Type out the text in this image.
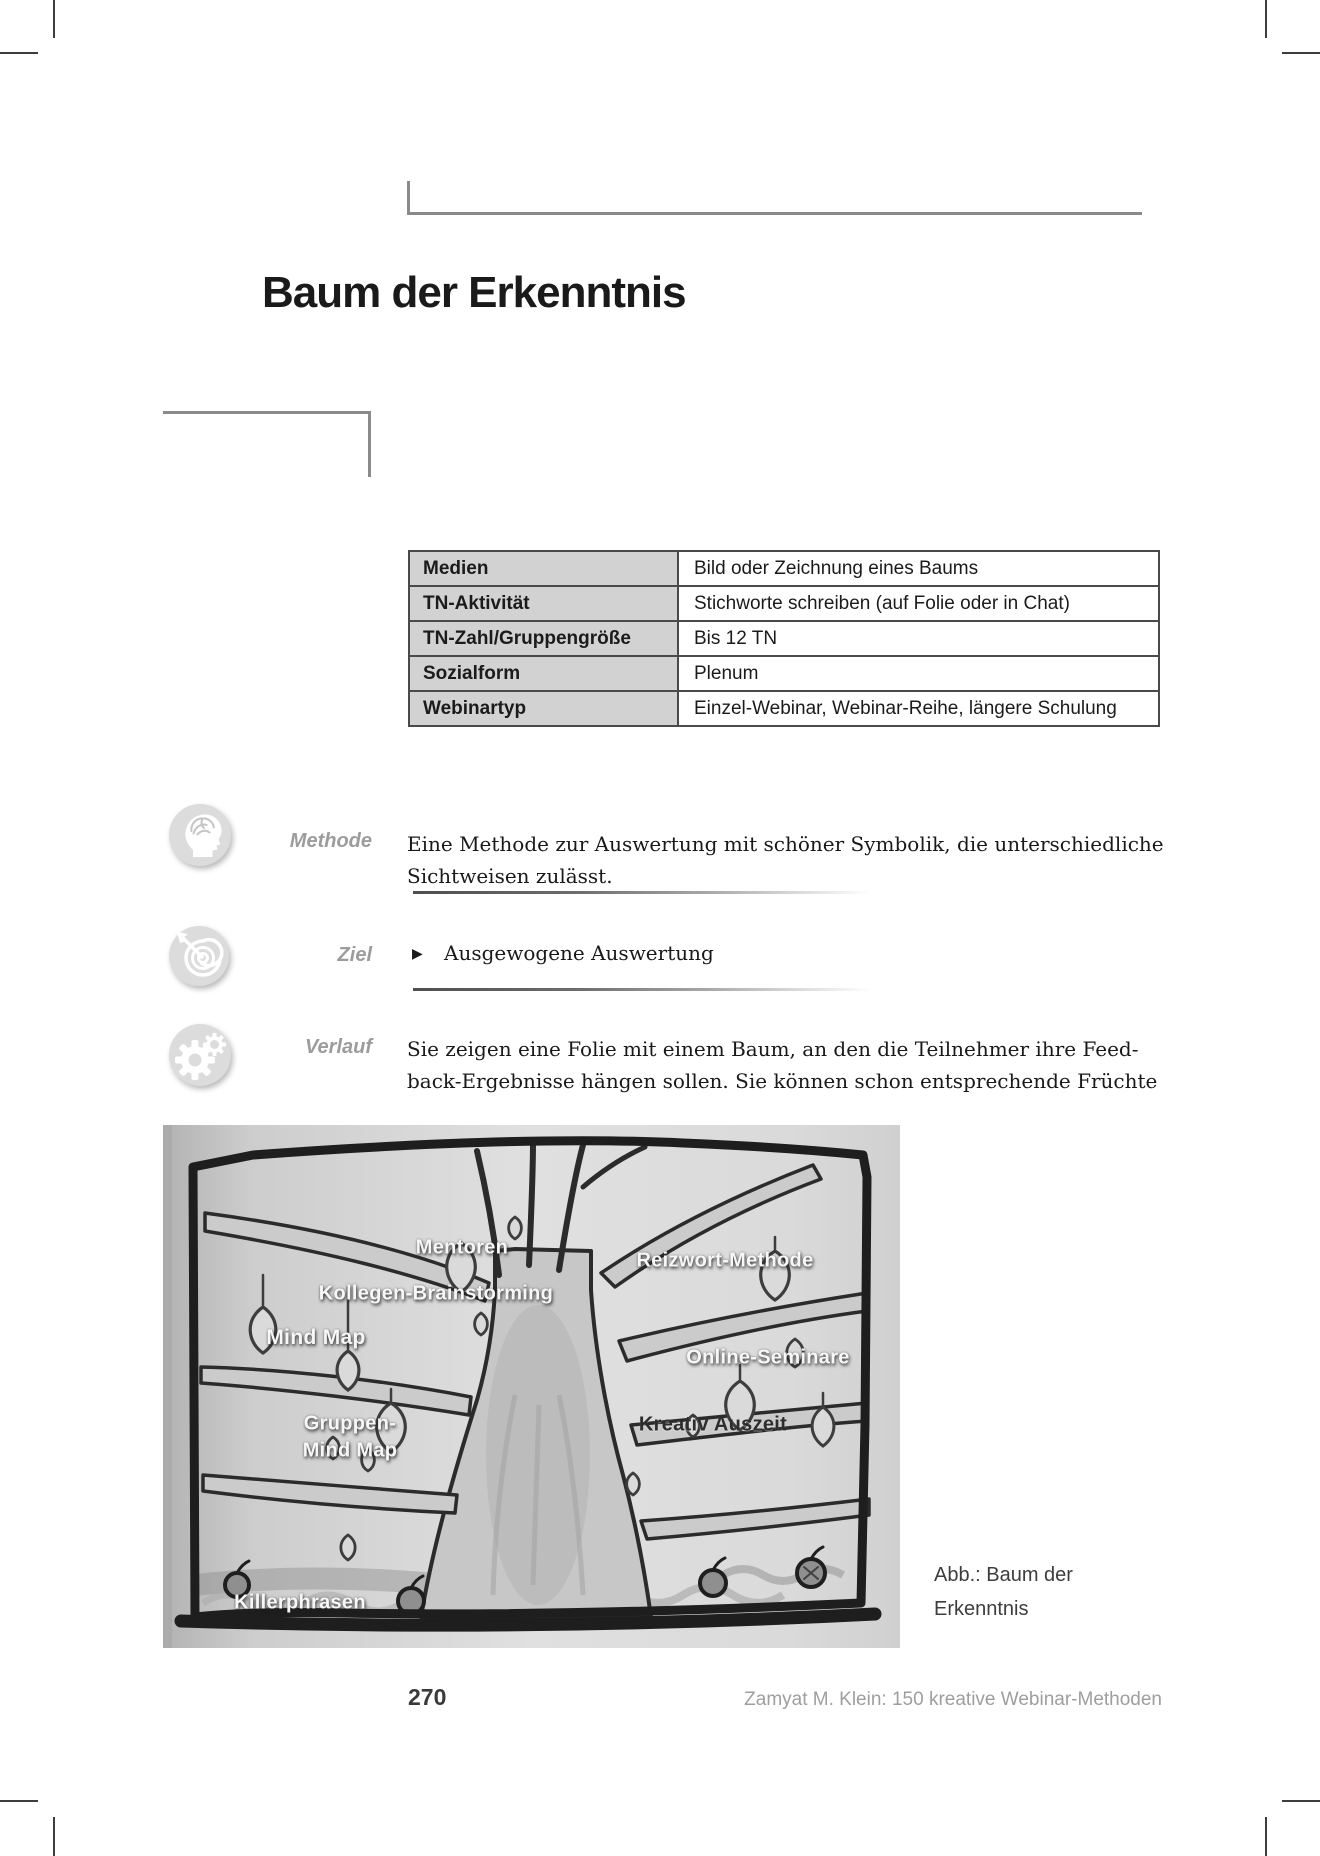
Baum der Erkenntnis
Medien	Bild oder Zeichnung eines Baums
TN-Aktivität	Stichworte schreiben (auf Folie oder in Chat)
TN-Zahl/Gruppengröße	Bis 12 TN
Sozialform	Plenum
Webinartyp	Einzel-Webinar, Webinar-Reihe, längere Schulung
Methode Eine Methode zur Auswertung mit schöner Symbolik, die unterschiedliche
Sichtweisen zulässt.
Ziel	▶ Ausgewogene Auswertung
Verlauf Sie zeigen eine Folie mit einem Baum, an den die Teilnehmer ihre Feed-
back-Ergebnisse hängen sollen. Sie können schon entsprechende Früchte
Mentoren
Kollegen-Brainstorming
Reizwort-Methode
Mind Map
Online-Seminare
Gruppen-
Mind Map
Kreativ Auszeit
Killerphrasen
Abb.: Baum der
Erkenntnis
270	Zamyat M. Klein: 150 kreative Webinar-Methoden
